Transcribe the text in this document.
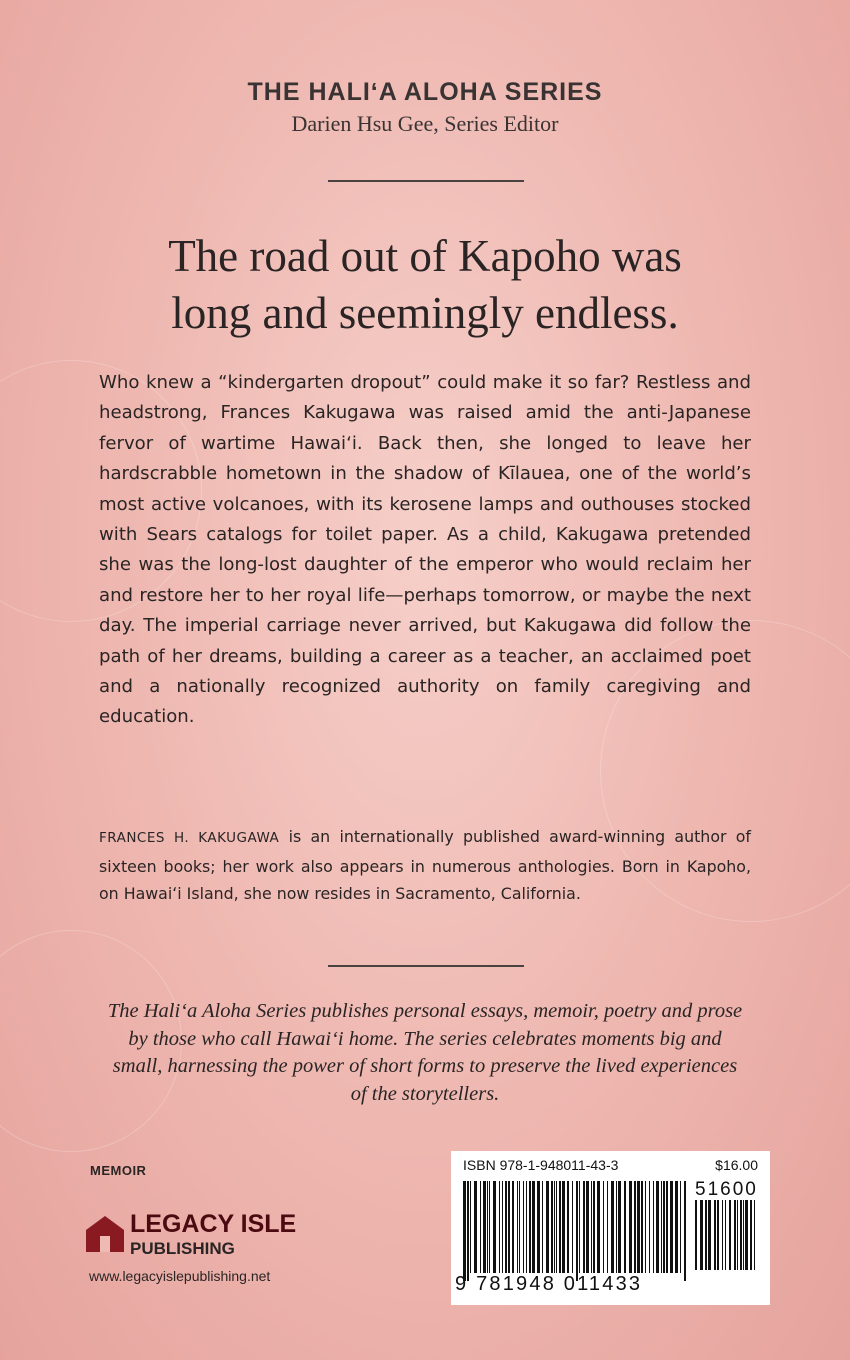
THE HALIʻA ALOHA SERIES
Darien Hsu Gee, Series Editor
The road out of Kapoho was
long and seemingly endless.
Who knew a “kindergarten dropout” could make it so far? Restless and headstrong, Frances Kakugawa was raised amid the anti-Japanese fervor of wartime Hawaiʻi. Back then, she longed to leave her hardscrabble hometown in the shadow of Kīlauea, one of the world’s most active volcanoes, with its kerosene lamps and outhouses stocked with Sears catalogs for toilet paper. As a child, Kakugawa pretended she was the long-lost daughter of the emperor who would reclaim her and restore her to her royal life—perhaps tomorrow, or maybe the next day. The imperial carriage never arrived, but Kakugawa did follow the path of her dreams, building a career as a teacher, an acclaimed poet and a nationally recognized authority on family caregiving and education.
FRANCES H. KAKUGAWA is an internationally published award-winning author of sixteen books; her work also appears in numerous anthologies. Born in Kapoho, on Hawaiʻi Island, she now resides in Sacramento, California.
The Haliʻa Aloha Series publishes personal essays, memoir, poetry and prose by those who call Hawaiʻi home. The series celebrates moments big and small, harnessing the power of short forms to preserve the lived experiences of the storytellers.
MEMOIR
LEGACY ISLE
PUBLISHING
www.legacyislepublishing.net
ISBN 978-1-948011-43-3	$16.00
51600
9 781948 011433
